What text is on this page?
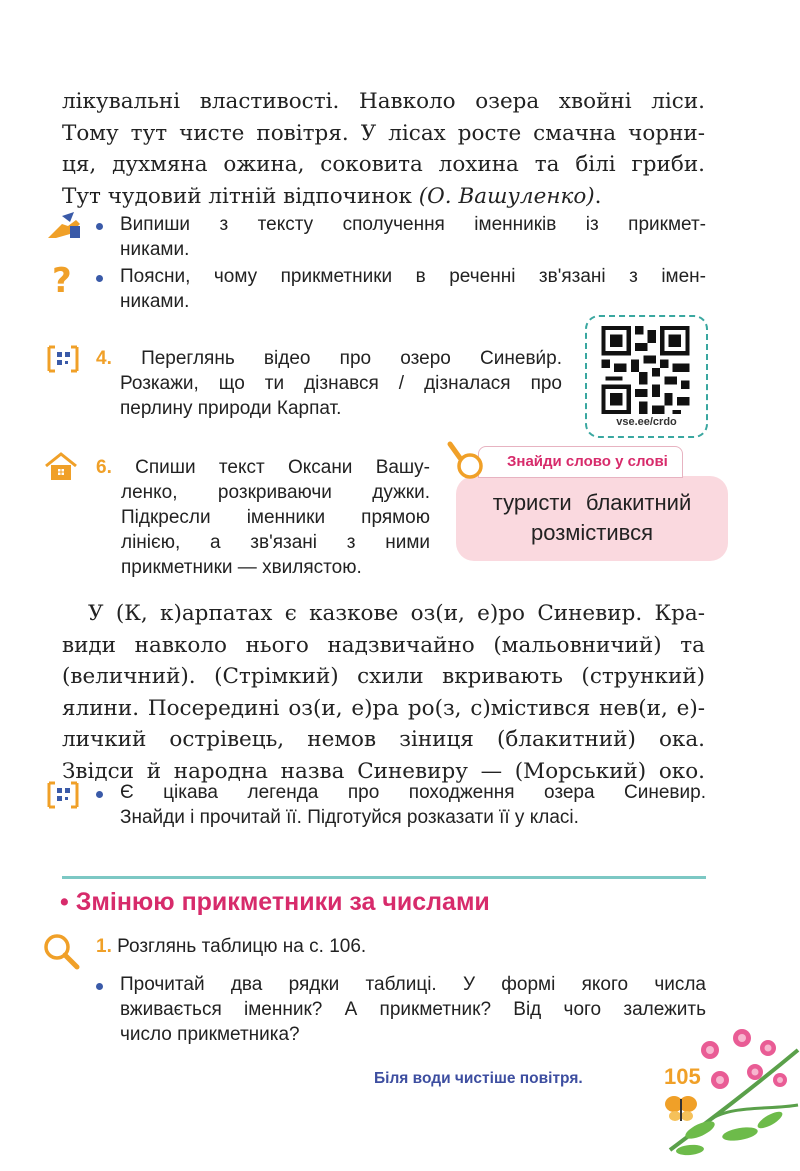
лікувальні властивості. Навколо озера хвойні ліси.
Тому тут чисте повітря. У лісах росте смачна чорни-
ця, духмяна ожина, соковита лохина та білі гриби.
Тут чудовий літній відпочинок (О. Вашуленко).
Випиши з тексту сполучення іменників із прикмет-
никами.
?	Поясни, чому прикметники в реченні зв'язані з імен-
никами.
4. Переглянь відео про озеро Синеви́р.
Розкажи, що ти дізнався / дізналася про
перлину природи Карпат.
vse.ee/crdo
6. Спиши текст Оксани Вашу-
ленко, розкриваючи дужки.
Підкресли іменники прямою
лінією, а зв'язані з ними
прикметники — хвилястою.
туристи блакитний
розмістився
Знайди слово у слові
У (К, к)арпатах є казкове оз(и, е)ро Синевир. Кра-
види навколо нього надзвичайно (мальовничий) та
(величний). (Стрімкий) схили вкривають (стрункий)
ялини. Посередині оз(и, е)ра ро(з, с)містився нев(и, е)-
личкий острівець, немов зіниця (блакитний) ока.
Звідси й народна назва Синевиру — (Морський) око.
Є цікава легенда про походження озера Синевир.
Знайди і прочитай її. Підготуйся розказати її у класі.
• Змінюю прикметники за числами
1. Розглянь таблицю на с. 106.
Прочитай два рядки таблиці. У формі якого числа
вживається іменник? А прикметник? Від чого залежить
число прикметника?
Біля води чистіше повітря.	105
